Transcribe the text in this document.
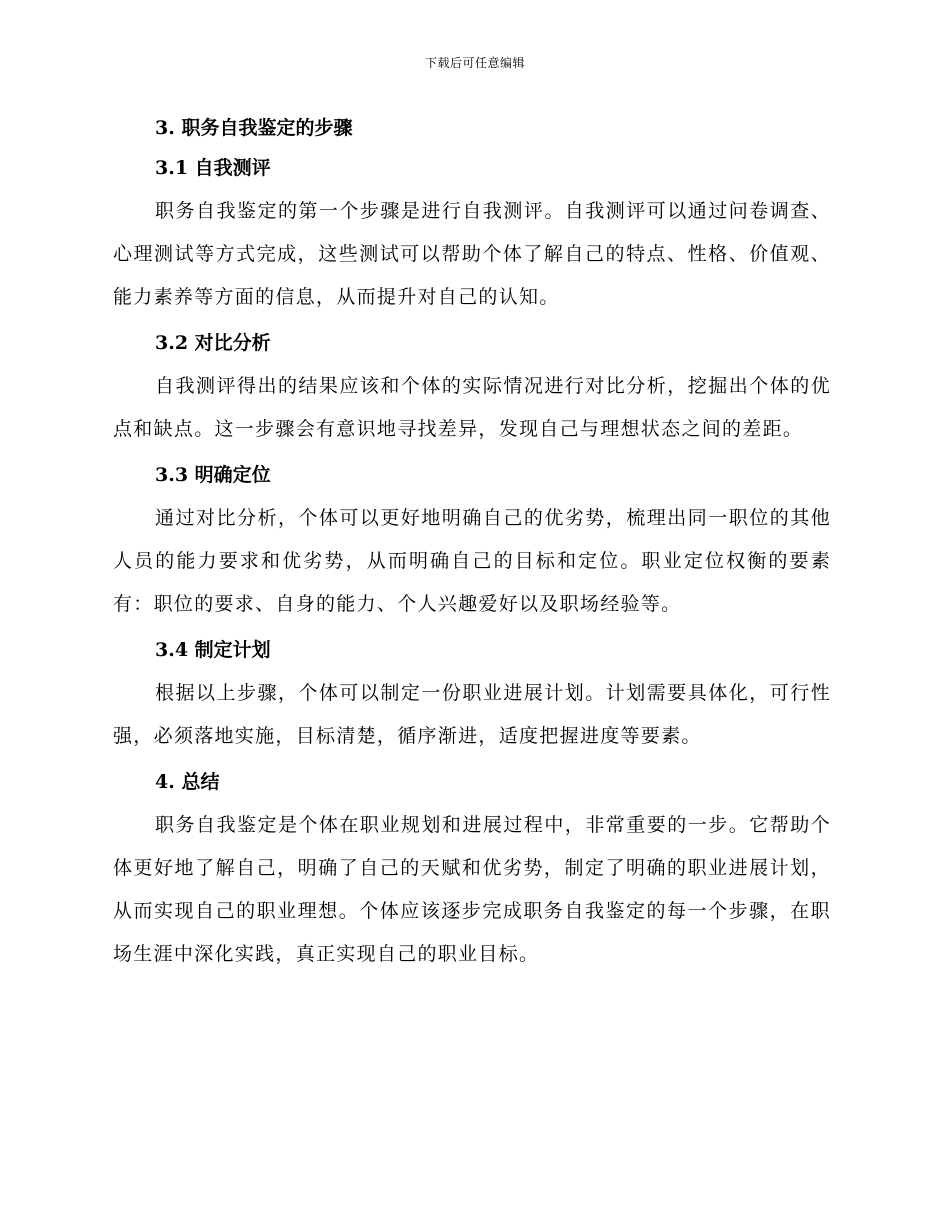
下载后可任意编辑
3. 职务自我鉴定的步骤
3.1 自我测评

职务自我鉴定的第一个步骤是进行自我测评。自我测评可以通过问卷调查、心理测试等方式完成，这些测试可以帮助个体了解自己的特点、性格、价值观、能力素养等方面的信息，从而提升对自己的认知。

3.2 对比分析

自我测评得出的结果应该和个体的实际情况进行对比分析，挖掘出个体的优点和缺点。这一步骤会有意识地寻找差异，发现自己与理想状态之间的差距。

3.3 明确定位

通过对比分析，个体可以更好地明确自己的优劣势，梳理出同一职位的其他人员的能力要求和优劣势，从而明确自己的目标和定位。职业定位权衡的要素有：职位的要求、自身的能力、个人兴趣爱好以及职场经验等。

3.4 制定计划

根据以上步骤，个体可以制定一份职业进展计划。计划需要具体化，可行性强，必须落地实施，目标清楚，循序渐进，适度把握进度等要素。

4. 总结

职务自我鉴定是个体在职业规划和进展过程中，非常重要的一步。它帮助个体更好地了解自己，明确了自己的天赋和优劣势，制定了明确的职业进展计划，从而实现自己的职业理想。个体应该逐步完成职务自我鉴定的每一个步骤，在职场生涯中深化实践，真正实现自己的职业目标。
